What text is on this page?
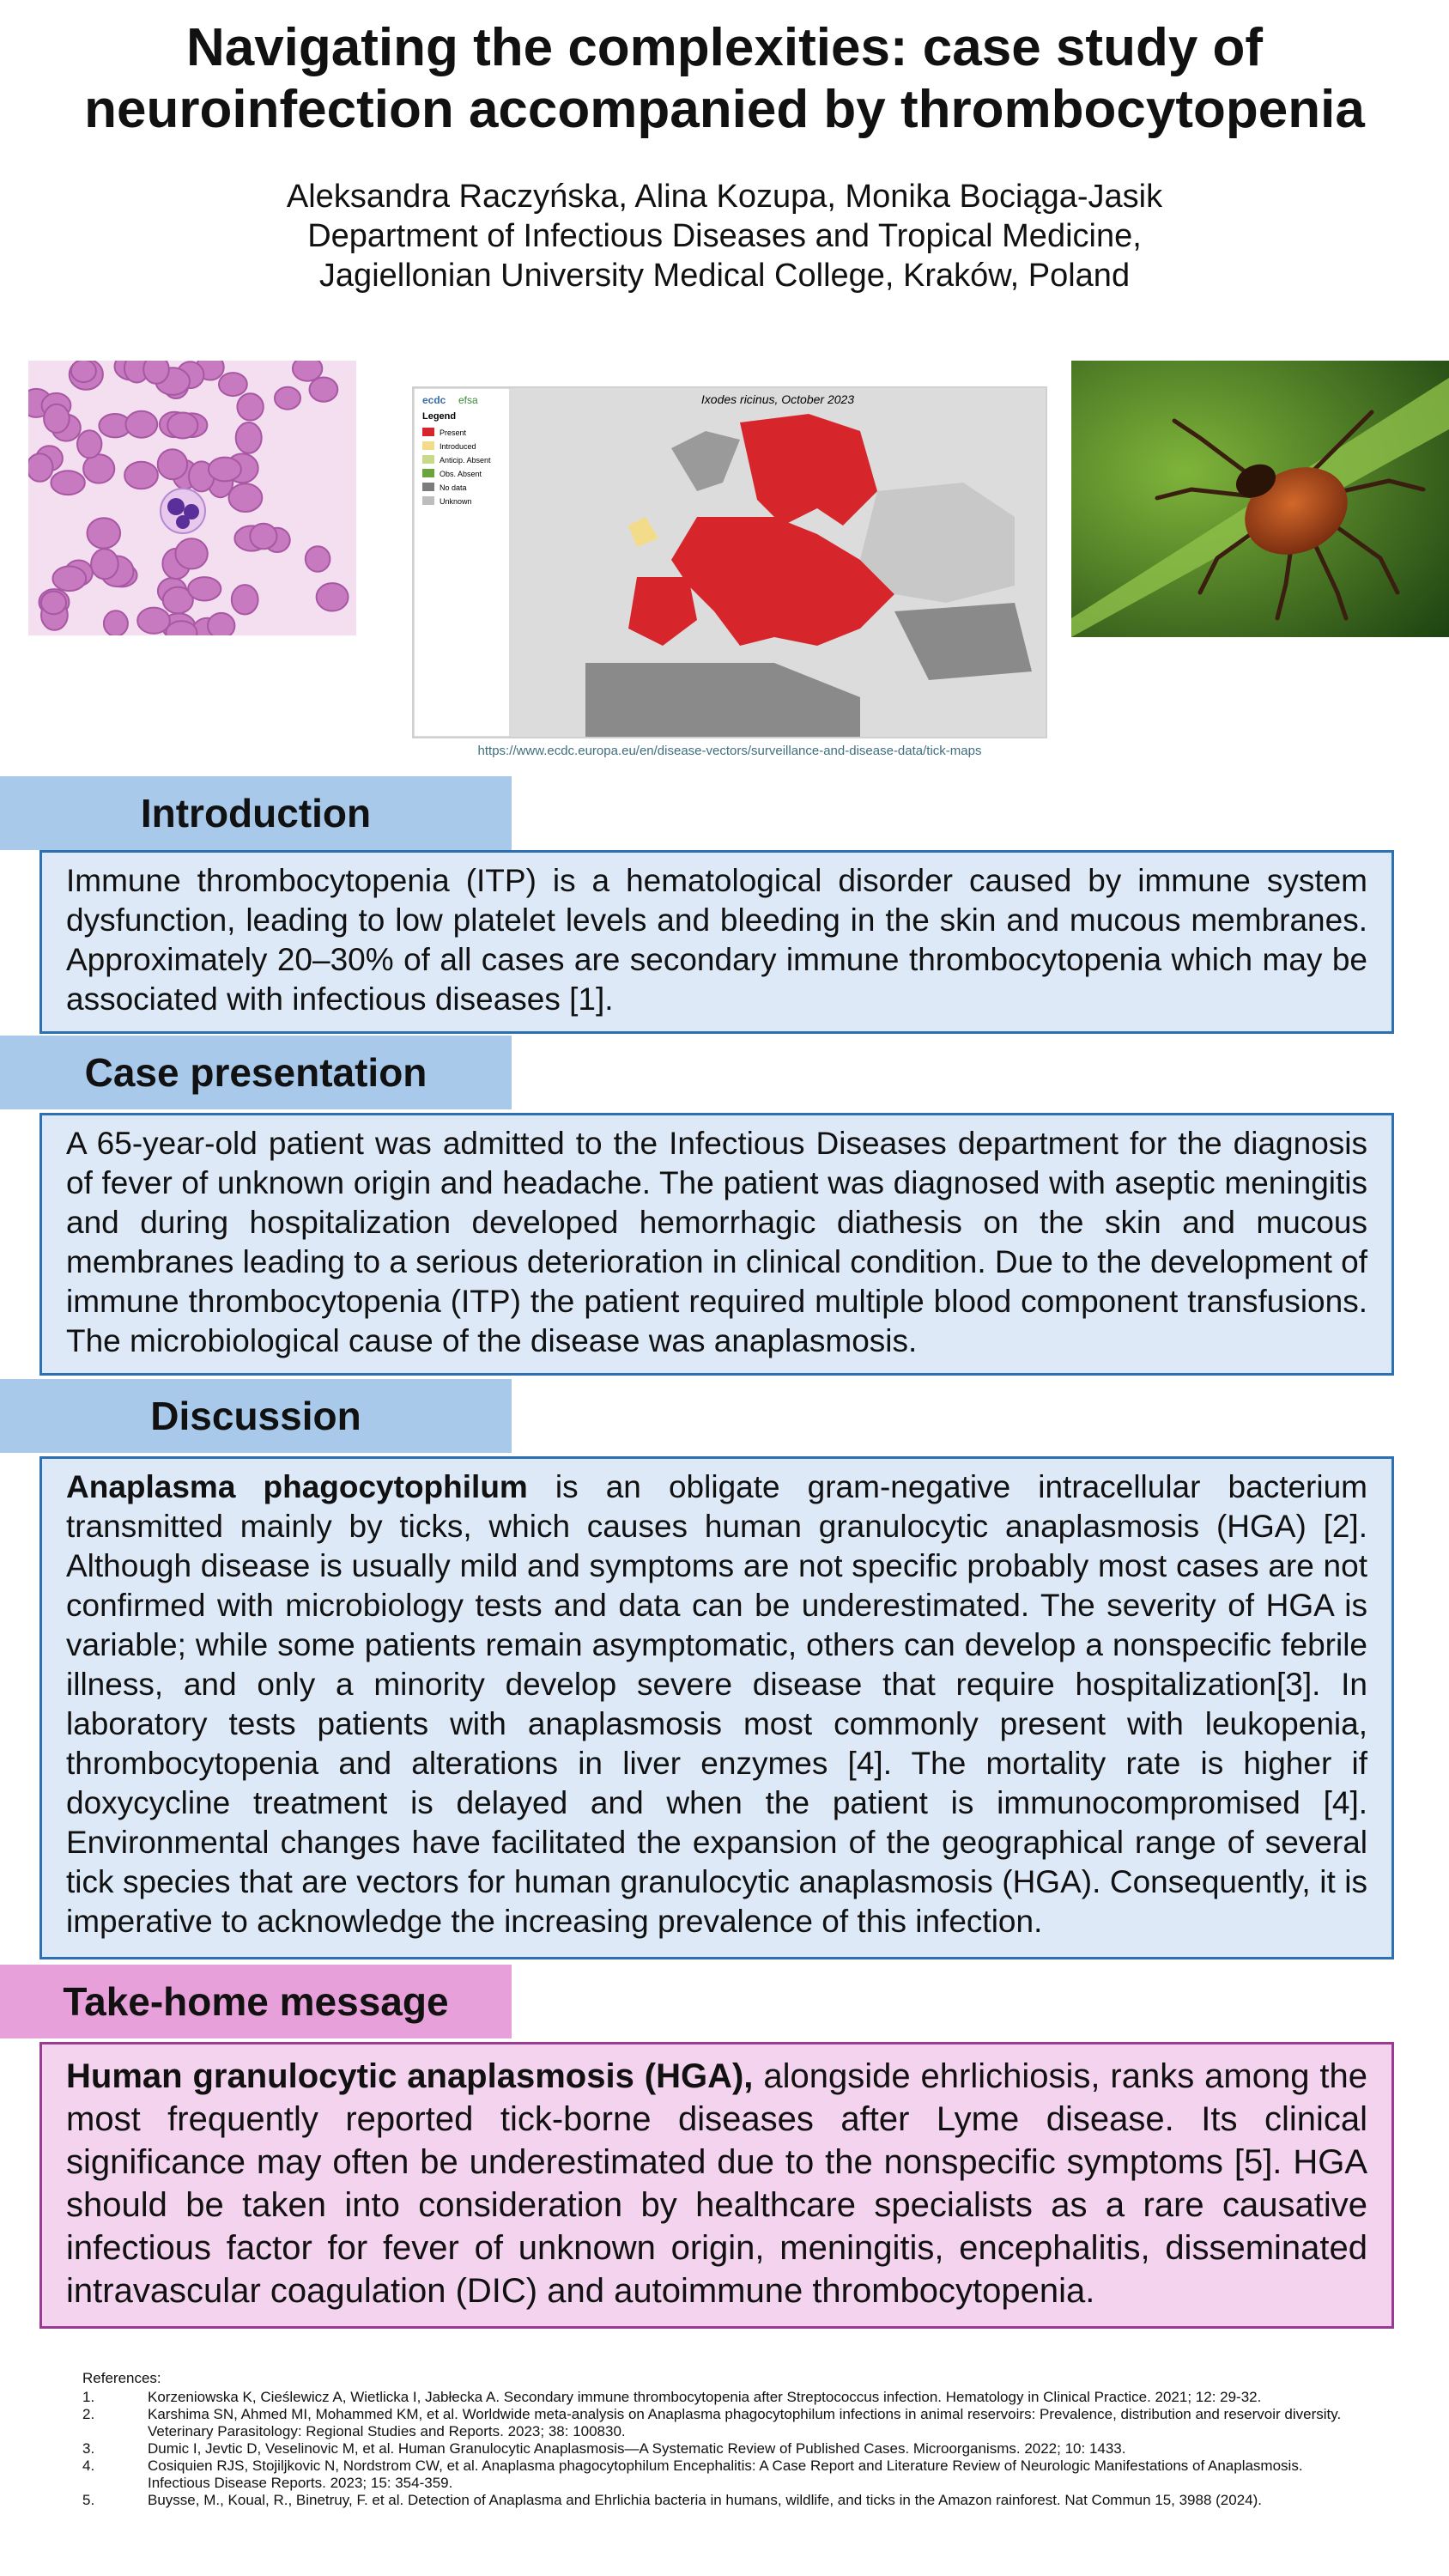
Navigating the complexities: case study of neuroinfection accompanied by thrombocytopenia
Aleksandra Raczyńska, Alina Kozupa, Monika Bociąga-Jasik
Department of Infectious Diseases and Tropical Medicine,
Jagiellonian University Medical College, Kraków, Poland
ecdc efsa
Legend
Present
Introduced
Anticip. Absent
Obs. Absent
No data
Unknown
Ixodes ricinus, October 2023
https://www.ecdc.europa.eu/en/disease-vectors/surveillance-and-disease-data/tick-maps
Introduction

Immune thrombocytopenia (ITP) is a hematological disorder caused by immune system dysfunction, leading to low platelet levels and bleeding in the skin and mucous membranes. Approximately 20–30% of all cases are secondary immune thrombocytopenia which may be associated with infectious diseases [1].

Case presentation

A 65-year-old patient was admitted to the Infectious Diseases department for the diagnosis of fever of unknown origin and headache. The patient was diagnosed with aseptic meningitis and during hospitalization developed hemorrhagic diathesis on the skin and mucous membranes leading to a serious deterioration in clinical condition. Due to the development of immune thrombocytopenia (ITP) the patient required multiple blood component transfusions. The microbiological cause of the disease was anaplasmosis.

Discussion

Anaplasma phagocytophilum is an obligate gram-negative intracellular bacterium transmitted mainly by ticks, which causes human granulocytic anaplasmosis (HGA) [2]. Although disease is usually mild and symptoms are not specific probably most cases are not confirmed with microbiology tests and data can be underestimated. The severity of HGA is variable; while some patients remain asymptomatic, others can develop a nonspecific febrile illness, and only a minority develop severe disease that require hospitalization[3]. In laboratory tests patients with anaplasmosis most commonly present with leukopenia, thrombocytopenia and alterations in liver enzymes [4]. The mortality rate is higher if doxycycline treatment is delayed and when the patient is immunocompromised [4]. Environmental changes have facilitated the expansion of the geographical range of several tick species that are vectors for human granulocytic anaplasmosis (HGA). Consequently, it is imperative to acknowledge the increasing prevalence of this infection.

Take-home message

Human granulocytic anaplasmosis (HGA), alongside ehrlichiosis, ranks among the most frequently reported tick-borne diseases after Lyme disease. Its clinical significance may often be underestimated due to the nonspecific symptoms [5]. HGA should be taken into consideration by healthcare specialists as a rare causative infectious factor for fever of unknown origin, meningitis, encephalitis, disseminated intravascular coagulation (DIC) and autoimmune thrombocytopenia.

References:
1.	Korzeniowska K, Cieślewicz A, Wietlicka I, Jabłecka A. Secondary immune thrombocytopenia after Streptococcus infection. Hematology in Clinical Practice. 2021; 12: 29-32.
2.	Karshima SN, Ahmed MI, Mohammed KM, et al. Worldwide meta-analysis on Anaplasma phagocytophilum infections in animal reservoirs: Prevalence, distribution and reservoir diversity. Veterinary Parasitology: Regional Studies and Reports. 2023; 38: 100830.
3.	Dumic I, Jevtic D, Veselinovic M, et al. Human Granulocytic Anaplasmosis—A Systematic Review of Published Cases. Microorganisms. 2022; 10: 1433.
4.	Cosiquien RJS, Stojiljkovic N, Nordstrom CW, et al. Anaplasma phagocytophilum Encephalitis: A Case Report and Literature Review of Neurologic Manifestations of Anaplasmosis. Infectious Disease Reports. 2023; 15: 354-359.
5.	Buysse, M., Koual, R., Binetruy, F. et al. Detection of Anaplasma and Ehrlichia bacteria in humans, wildlife, and ticks in the Amazon rainforest. Nat Commun 15, 3988 (2024).
